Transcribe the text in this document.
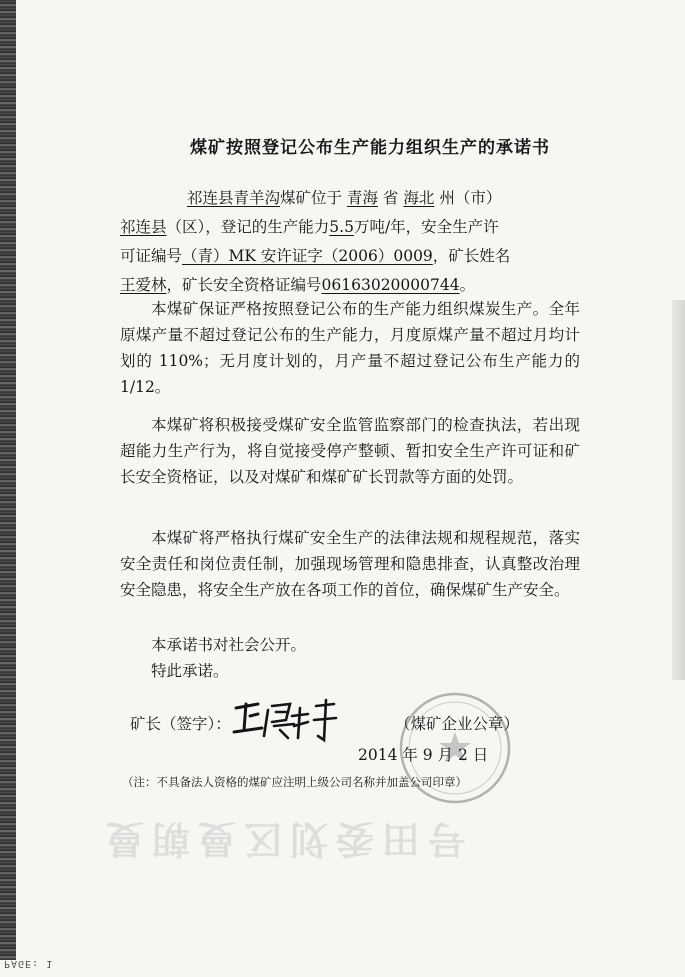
煤矿按照登记公布生产能力组织生产的承诺书
祁连县青羊沟煤矿位于 青海 省 海北 州（市）
祁连县（区），登记的生产能力5.5万吨/年，安全生产许
可证编号（青）MK 安许证字（2006）0009，矿长姓名
王爱林，矿长安全资格证编号06163020000744。
本煤矿保证严格按照登记公布的生产能力组织煤炭生产。全年原煤产量不超过登记公布的生产能力，月度原煤产量不超过月均计划的 110%；无月度计划的，月产量不超过登记公布生产能力的 1/12。
本煤矿将积极接受煤矿安全监管监察部门的检查执法，若出现超能力生产行为，将自觉接受停产整顿、暂扣安全生产许可证和矿长安全资格证，以及对煤矿和煤矿矿长罚款等方面的处罚。
本煤矿将严格执行煤矿安全生产的法律法规和规程规范，落实安全责任和岗位责任制，加强现场管理和隐患排查，认真整改治理安全隐患，将安全生产放在各项工作的首位，确保煤矿生产安全。
本承诺书对社会公开。
特此承诺。
矿长（签字）：	（煤矿企业公章）
2014 年 9 月 2 日
（注：不具备法人资格的煤矿应注明上级公司名称并加盖公司印章）
号田委划区曼朝曼
PAGE: 1
